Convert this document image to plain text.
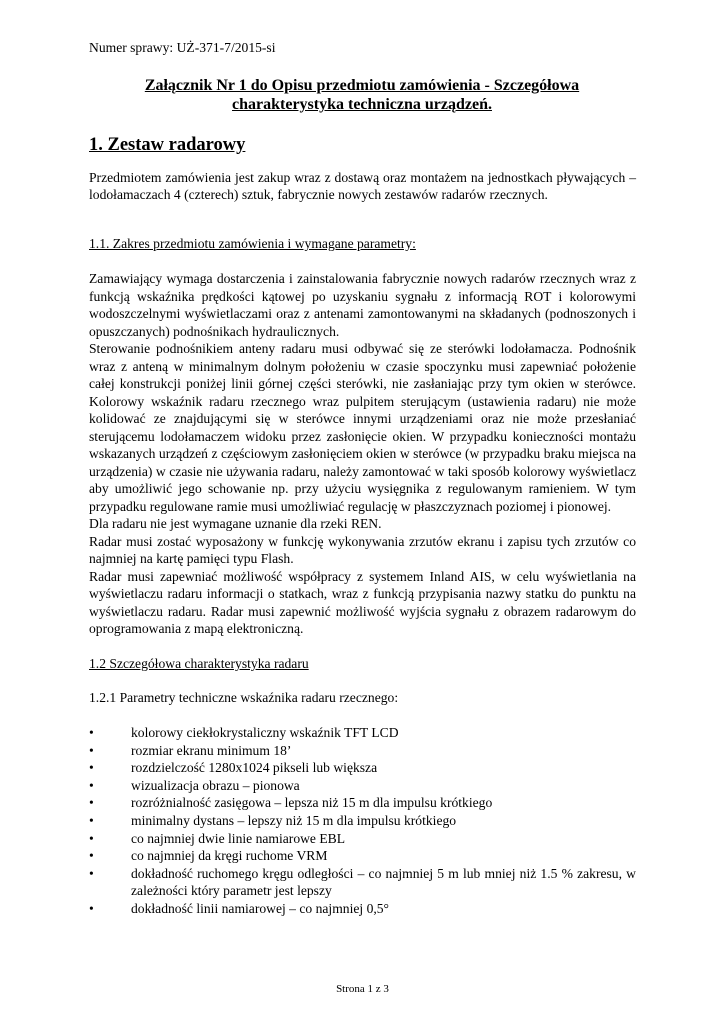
Numer sprawy: UŻ-371-7/2015-si
Załącznik Nr 1 do Opisu przedmiotu zamówienia - Szczegółowa
charakterystyka techniczna urządzeń.
1. Zestaw radarowy

Przedmiotem zamówienia jest zakup wraz z dostawą oraz montażem na jednostkach pływających – lodołamaczach 4 (czterech) sztuk, fabrycznie nowych zestawów radarów rzecznych.

1.1. Zakres przedmiotu zamówienia i wymagane parametry:

Zamawiający wymaga dostarczenia i zainstalowania fabrycznie nowych radarów rzecznych wraz z funkcją wskaźnika prędkości kątowej po uzyskaniu sygnału z informacją ROT i kolorowymi wodoszczelnymi wyświetlaczami oraz z antenami zamontowanymi na składanych (podnoszonych i opuszczanych) podnośnikach hydraulicznych.

Sterowanie podnośnikiem anteny radaru musi odbywać się ze sterówki lodołamacza. Podnośnik wraz z anteną w minimalnym dolnym położeniu w czasie spoczynku musi zapewniać położenie całej konstrukcji poniżej linii górnej części sterówki, nie zasłaniając przy tym okien w sterówce. Kolorowy wskaźnik radaru rzecznego wraz pulpitem sterującym (ustawienia radaru) nie może kolidować ze znajdującymi się w sterówce innymi urządzeniami oraz nie może przesłaniać sterującemu lodołamaczem widoku przez zasłonięcie okien. W przypadku konieczności montażu wskazanych urządzeń z częściowym zasłonięciem okien w sterówce (w przypadku braku miejsca na urządzenia) w czasie nie używania radaru, należy zamontować w taki sposób kolorowy wyświetlacz aby umożliwić jego schowanie np. przy użyciu wysięgnika z regulowanym ramieniem. W tym przypadku regulowane ramie musi umożliwiać regulację w płaszczyznach poziomej i pionowej.

Dla radaru nie jest wymagane uznanie dla rzeki REN.

Radar musi zostać wyposażony w funkcję wykonywania zrzutów ekranu i zapisu tych zrzutów co najmniej na kartę pamięci typu Flash.

Radar musi zapewniać możliwość współpracy z systemem Inland AIS, w celu wyświetlania na wyświetlaczu radaru informacji o statkach, wraz z funkcją przypisania nazwy statku do punktu na wyświetlaczu radaru. Radar musi zapewnić możliwość wyjścia sygnału z obrazem radarowym do oprogramowania z mapą elektroniczną.

1.2 Szczegółowa charakterystyka radaru
1.2.1 Parametry techniczne wskaźnika radaru rzecznego:
•	kolorowy ciekłokrystaliczny wskaźnik TFT LCD
•	rozmiar ekranu minimum 18’
•	rozdzielczość 1280x1024 pikseli lub większa
•	wizualizacja obrazu – pionowa
•	rozróżnialność zasięgowa – lepsza niż 15 m dla impulsu krótkiego
•	minimalny dystans – lepszy niż 15 m dla impulsu krótkiego
•	co najmniej dwie linie namiarowe EBL
•	co najmniej da kręgi ruchome VRM
•	dokładność ruchomego kręgu odległości – co najmniej 5 m lub mniej niż 1.5 % zakresu, w zależności który parametr jest lepszy
•	dokładność linii namiarowej – co najmniej 0,5°
Strona 1 z 3
